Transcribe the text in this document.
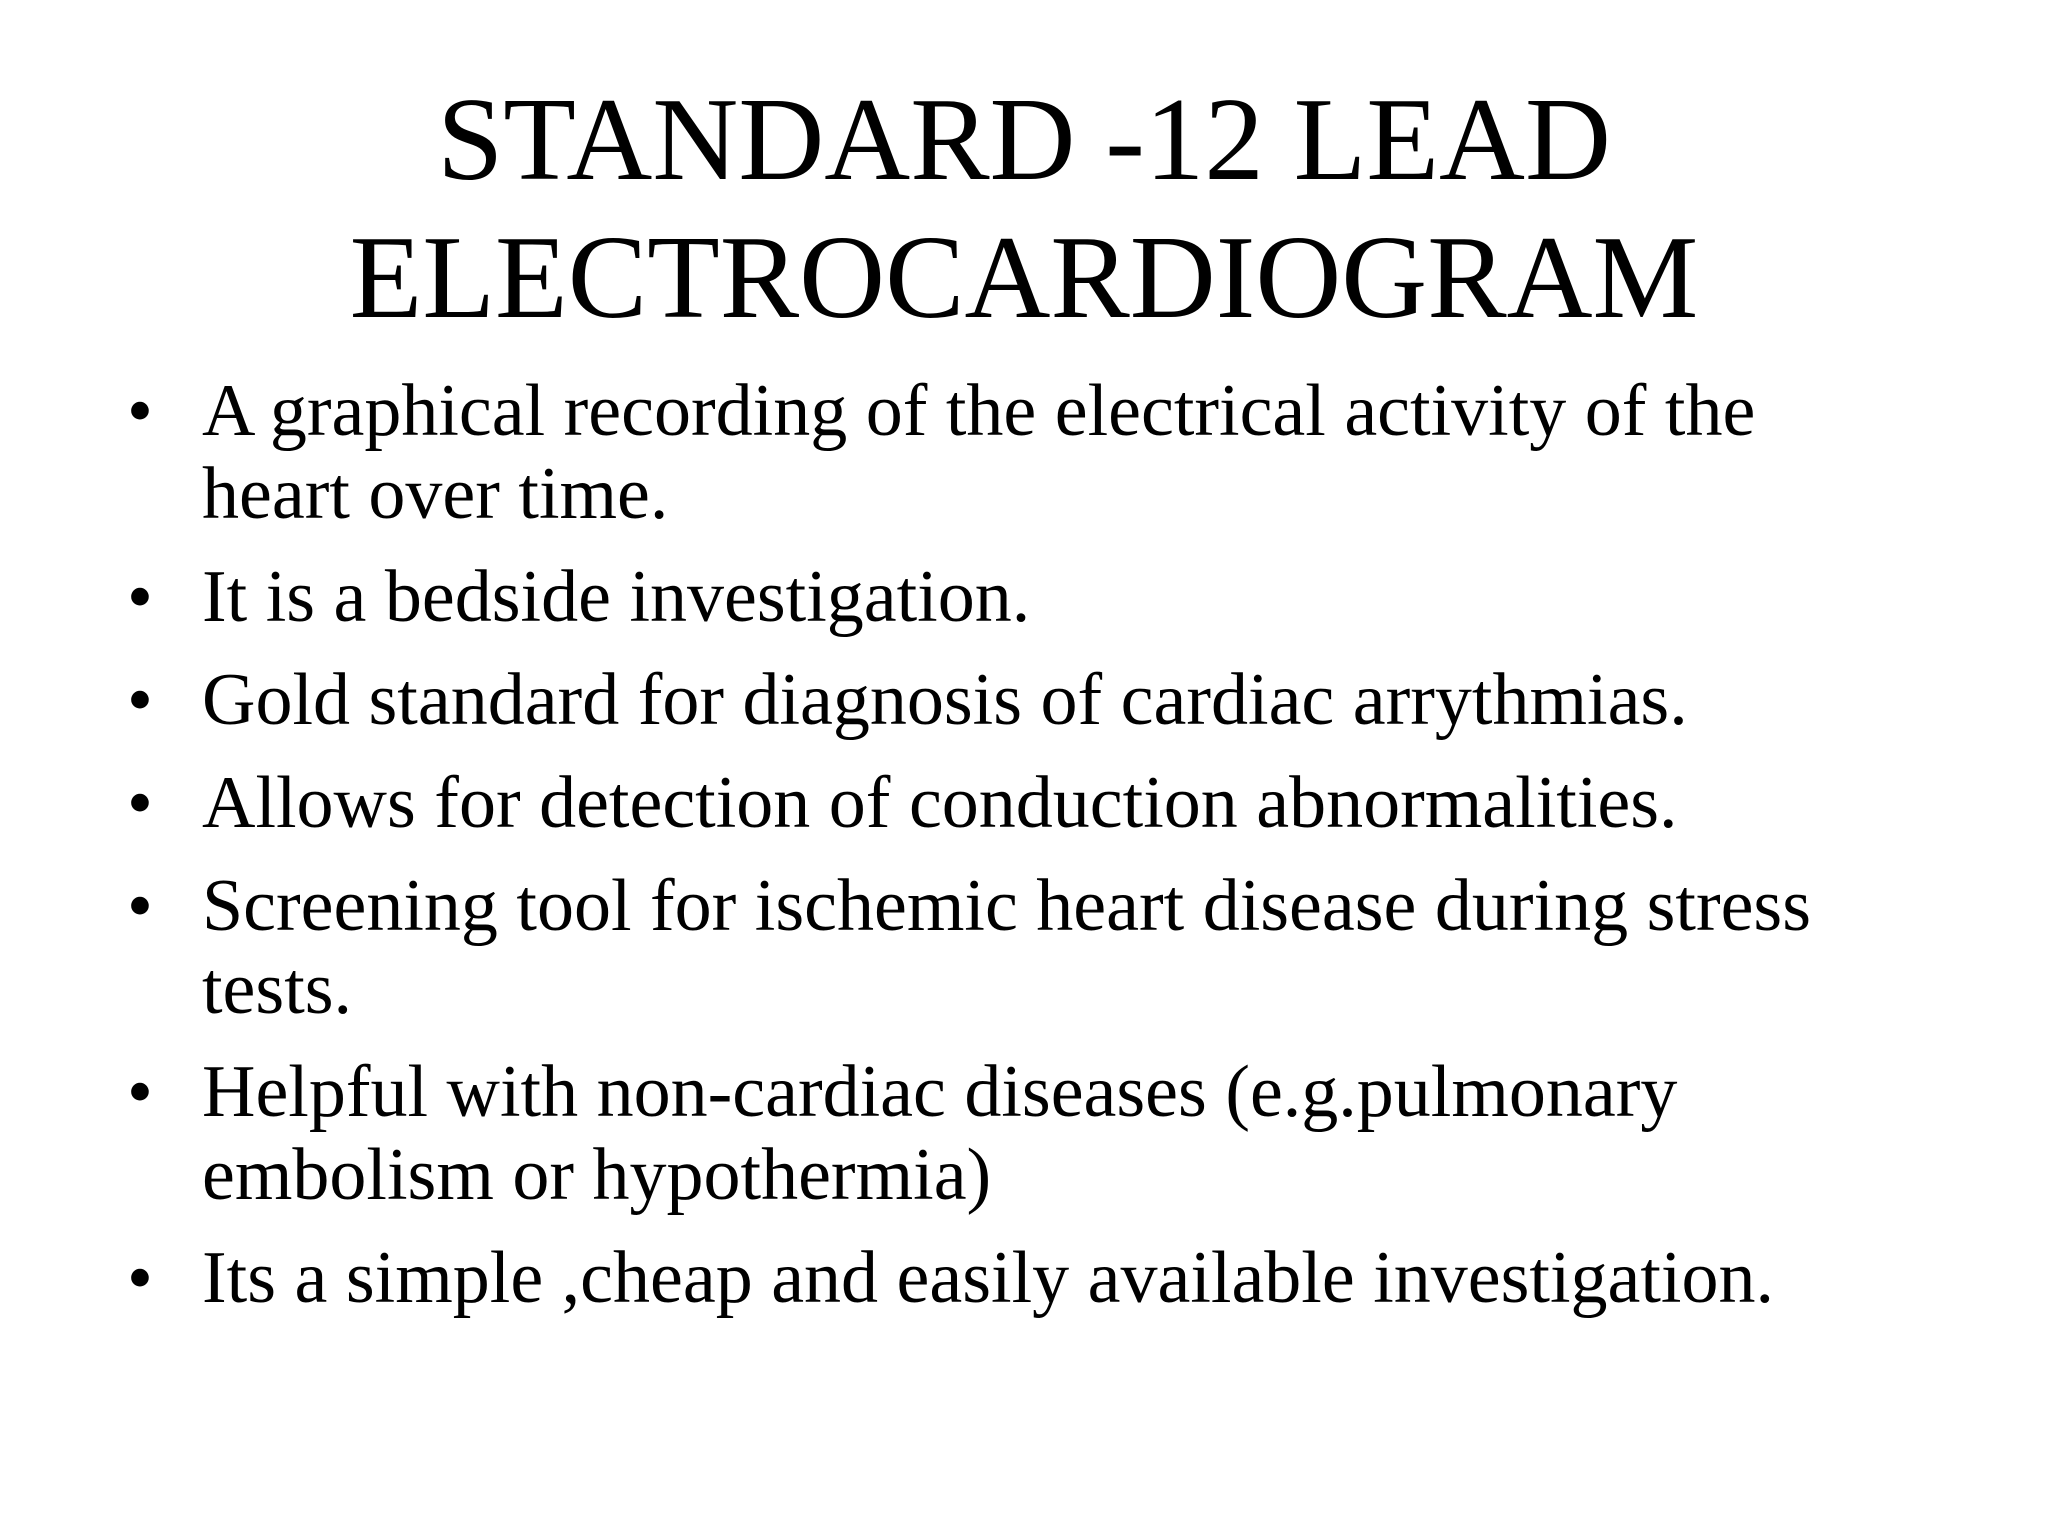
STANDARD -12 LEAD
ELECTROCARDIOGRAM
• A graphical recording of the electrical activity of the
heart over time.
• It is a bedside investigation.
• Gold standard for diagnosis of cardiac arrythmias.
• Allows for detection of conduction abnormalities.
• Screening tool for ischemic heart disease during stress
tests.
• Helpful with non-cardiac diseases (e.g.pulmonary
embolism or hypothermia)
• Its a simple ,cheap and easily available investigation.
